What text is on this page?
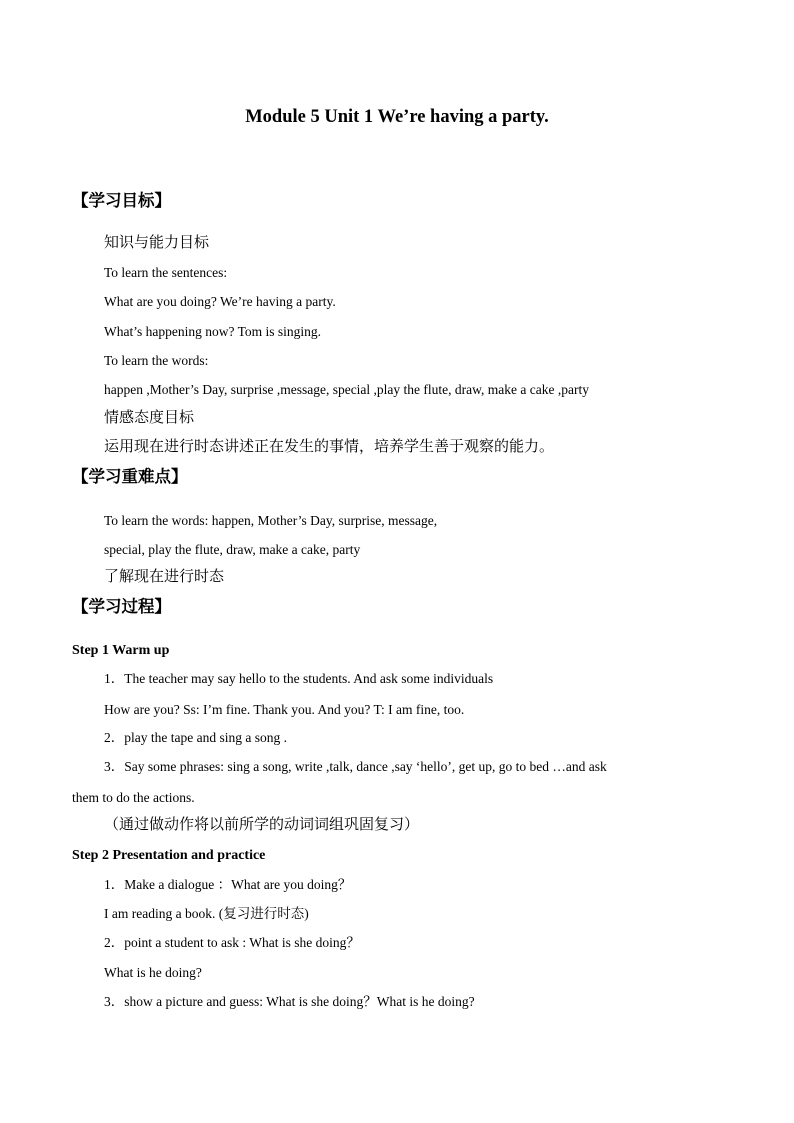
Module 5 Unit 1 We’re having a party.
【学习目标】
知识与能力目标
To learn the sentences:
What are you doing? We’re having a party.
What’s happening now? Tom is singing.
To learn the words:
happen ,Mother’s Day, surprise ,message, special ,play the flute, draw, make a cake ,party
情感态度目标
运用现在进行时态讲述正在发生的事情，培养学生善于观察的能力。
【学习重难点】
To learn the words: happen, Mother’s Day, surprise, message,
special, play the flute, draw, make a cake, party
了解现在进行时态
【学习过程】
Step 1 Warm up
1．The teacher may say hello to the students. And ask some individuals
How are you? Ss: I’m fine. Thank you. And you? T: I am fine, too.
2．play the tape and sing a song .
3．Say some phrases: sing a song, write ,talk, dance ,say ‘hello’, get up, go to bed …and ask
them to do the actions.
（通过做动作将以前所学的动词词组巩固复习）
Step 2 Presentation and practice
1．Make a dialogue ：What are you doing？
I am reading a book. (复习进行时态)
2．point a student to ask : What is she doing？
What is he doing?
3．show a picture and guess: What is she doing？What is he doing?
